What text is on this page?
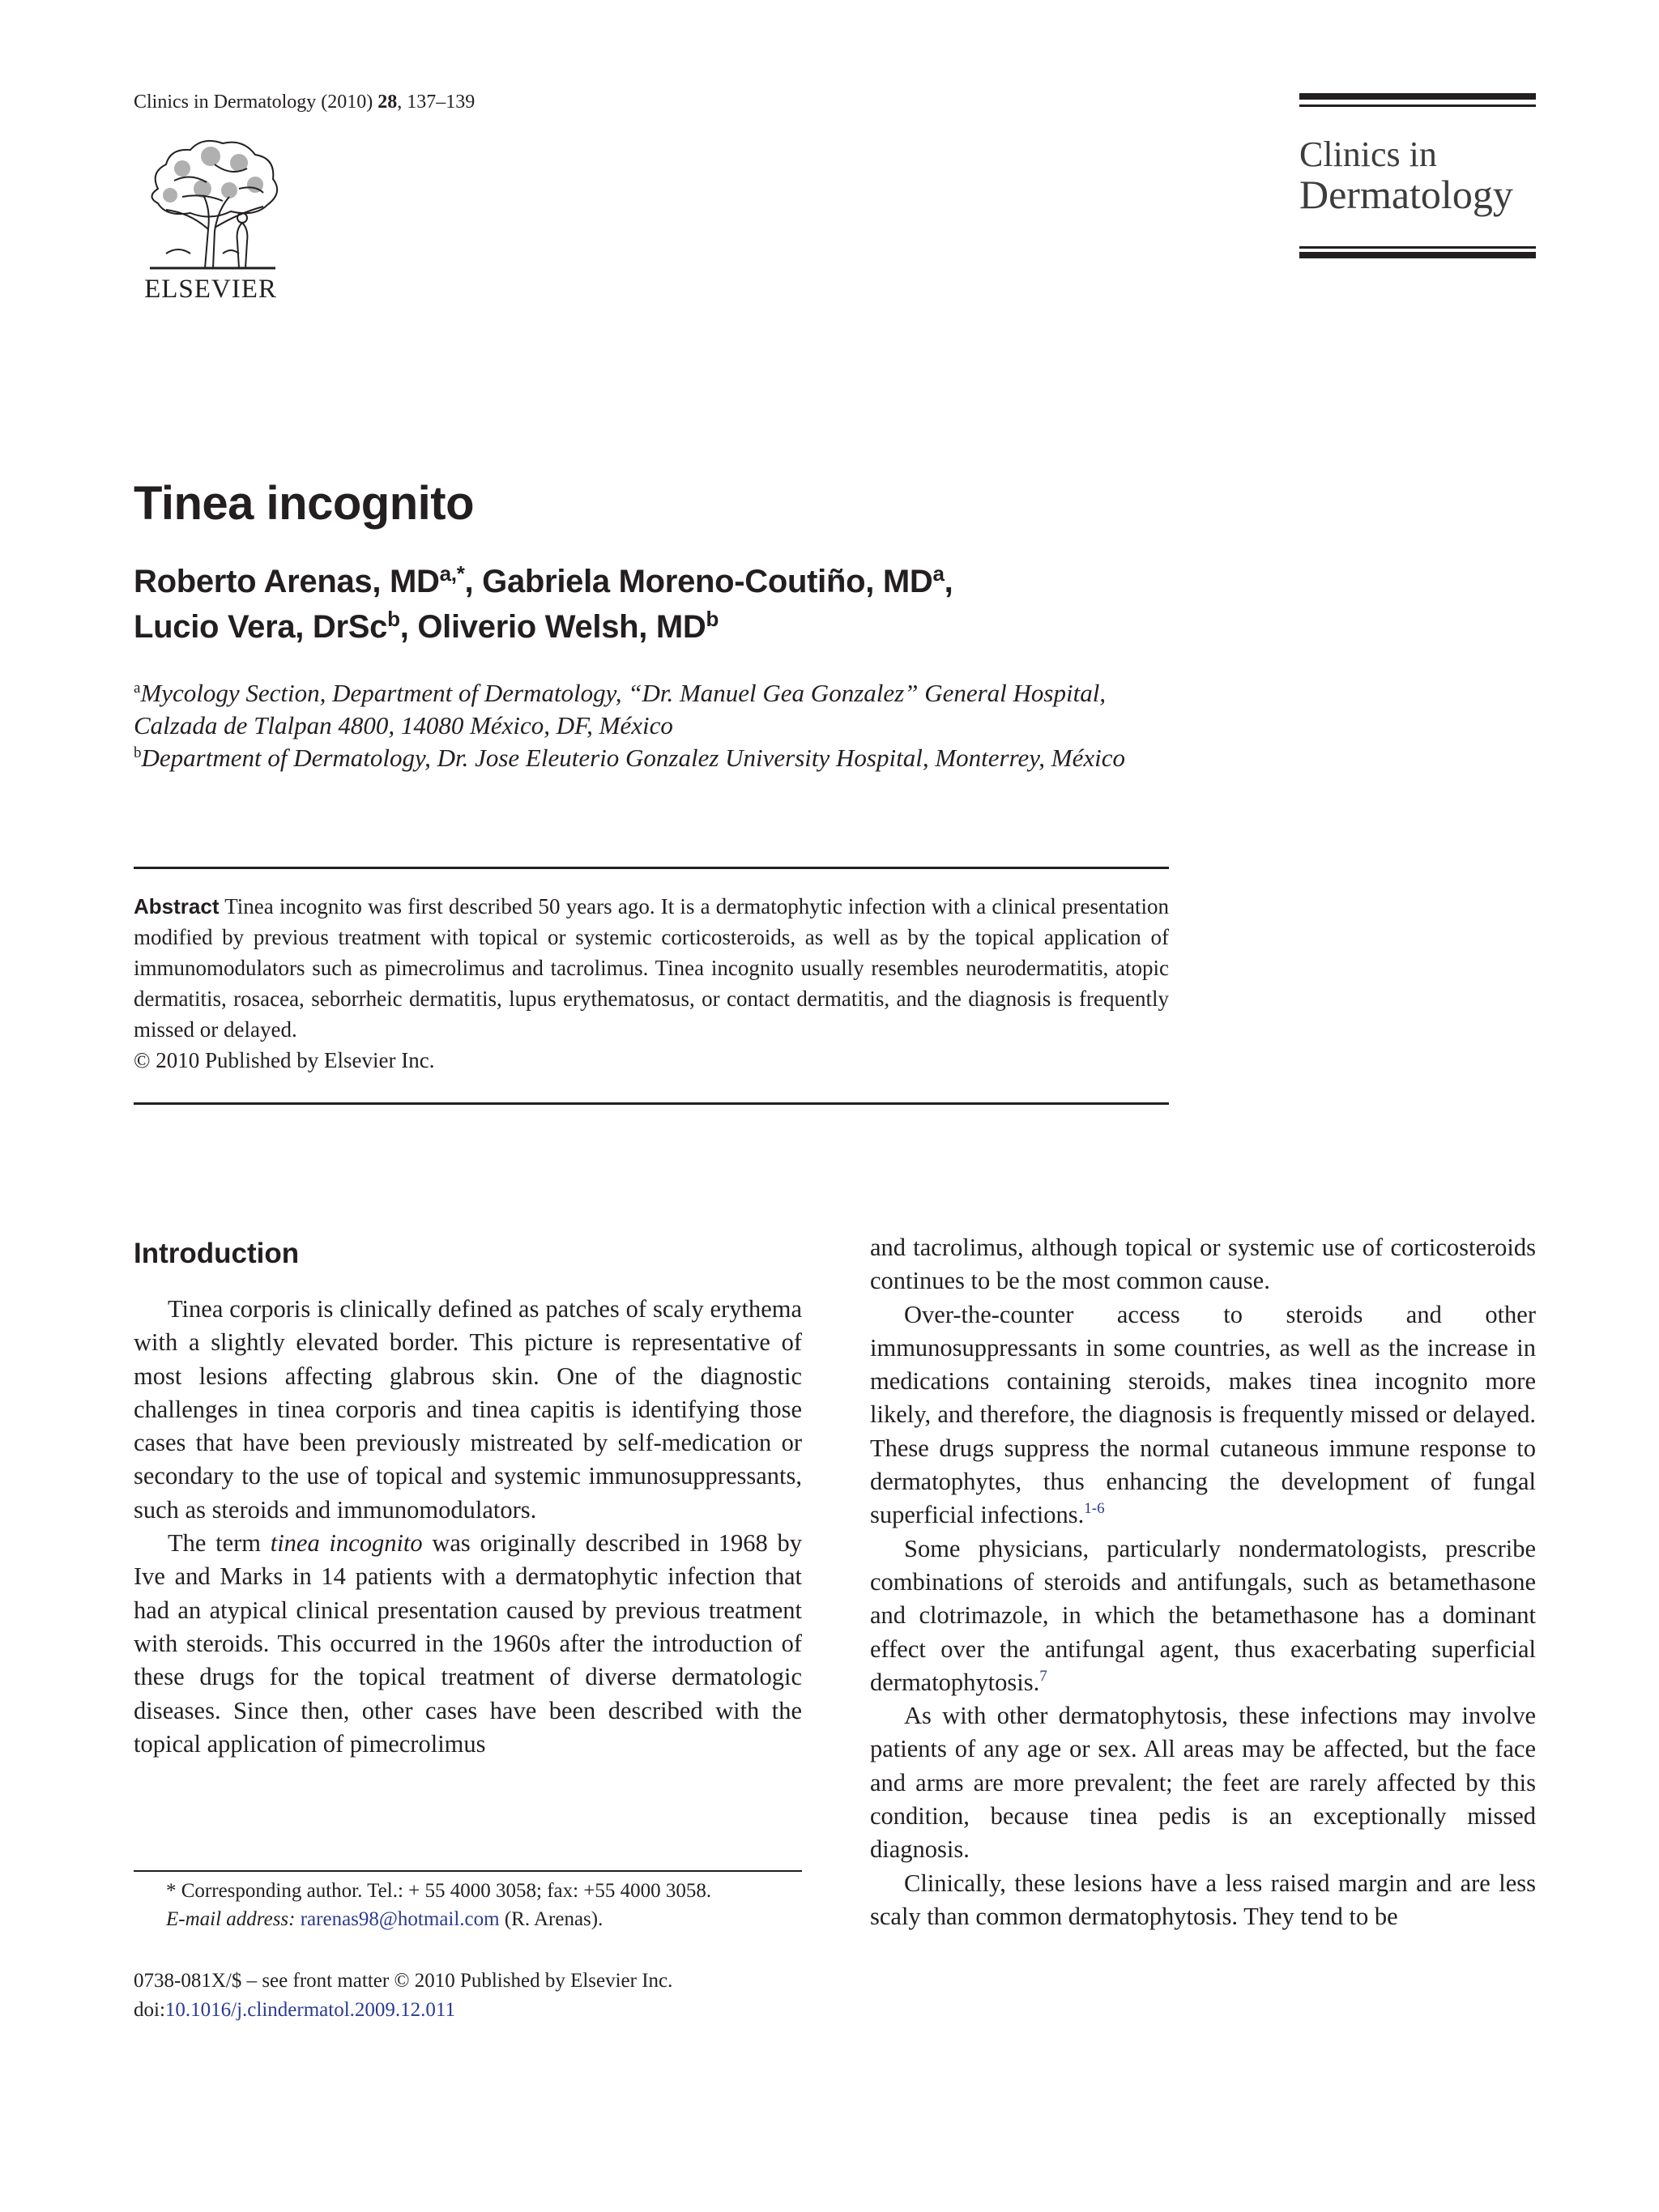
Clinics in Dermatology (2010) 28, 137–139
ELSEVIER
Clinics in
Dermatology
Tinea incognito
Roberto Arenas, $MD^{a,*}$, Gabriela Moreno-Coutiño, $MD^a$,
Lucio Vera, DrSc$^b$, Oliverio Welsh, $MD^b$
$^a$Mycology Section, Department of Dermatology, “Dr. Manuel Gea Gonzalez” General Hospital,
Calzada de Tlalpan 4800, 14080 México, DF, México
$^b$Department of Dermatology, Dr. Jose Eleuterio Gonzalez University Hospital, Monterrey, México
Abstract Tinea incognito was first described 50 years ago. It is a dermatophytic infection with a clinical presentation modified by previous treatment with topical or systemic corticosteroids, as well as by the topical application of immunomodulators such as pimecrolimus and tacrolimus. Tinea incognito usually resembles neurodermatitis, atopic dermatitis, rosacea, seborrheic dermatitis, lupus erythematosus, or contact dermatitis, and the diagnosis is frequently missed or delayed.
© 2010 Published by Elsevier Inc.
Introduction

Tinea corporis is clinically defined as patches of scaly erythema with a slightly elevated border. This picture is representative of most lesions affecting glabrous skin. One of the diagnostic challenges in tinea corporis and tinea capitis is identifying those cases that have been previously mistreated by self-medication or secondary to the use of topical and systemic immunosuppressants, such as steroids and immunomodulators.

The term tinea incognito was originally described in 1968 by Ive and Marks in 14 patients with a dermatophytic infection that had an atypical clinical presentation caused by previous treatment with steroids. This occurred in the 1960s after the introduction of these drugs for the topical treatment of diverse dermatologic diseases. Since then, other cases have been described with the topical application of pimecrolimus

* Corresponding author. Tel.: + 55 4000 3058; fax: +55 4000 3058.
E-mail address: rarenas98@hotmail.com (R. Arenas).
0738-081X/$ – see front matter © 2010 Published by Elsevier Inc.
doi:10.1016/j.clindermatol.2009.12.011

and tacrolimus, although topical or systemic use of corticosteroids continues to be the most common cause.

Over-the-counter access to steroids and other immunosuppressants in some countries, as well as the increase in medications containing steroids, makes tinea incognito more likely, and therefore, the diagnosis is frequently missed or delayed. These drugs suppress the normal cutaneous immune response to dermatophytes, thus enhancing the development of fungal superficial infections.$^{1-6}$

Some physicians, particularly nondermatologists, prescribe combinations of steroids and antifungals, such as betamethasone and clotrimazole, in which the betamethasone has a dominant effect over the antifungal agent, thus exacerbating superficial dermatophytosis.$^7$

As with other dermatophytosis, these infections may involve patients of any age or sex. All areas may be affected, but the face and arms are more prevalent; the feet are rarely affected by this condition, because tinea pedis is an exceptionally missed diagnosis.

Clinically, these lesions have a less raised margin and are less scaly than common dermatophytosis. They tend to be
